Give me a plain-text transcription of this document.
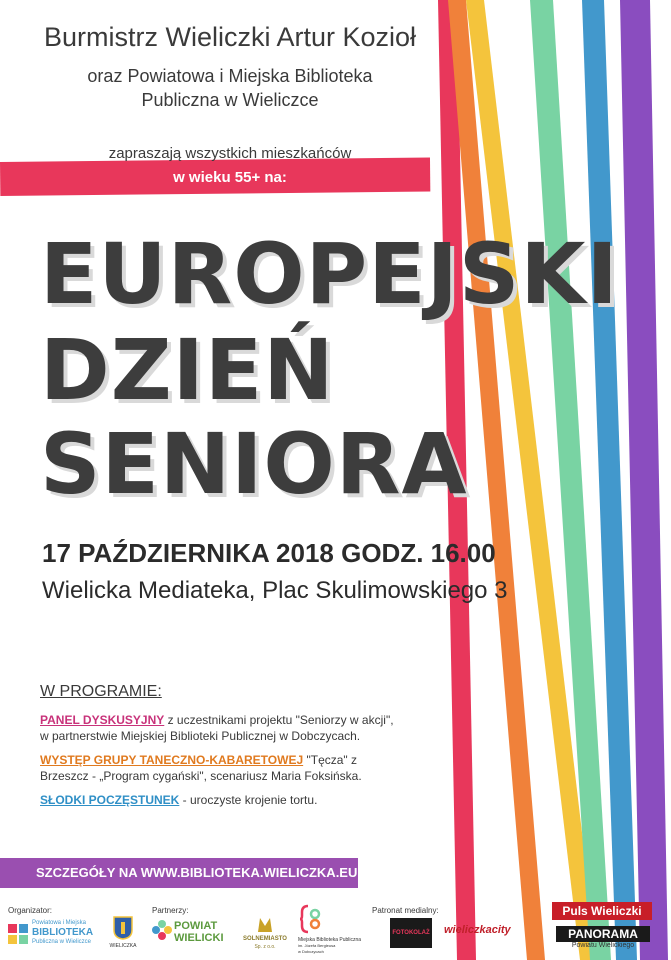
Burmistrz Wieliczki Artur Kozioł
oraz Powiatowa i Miejska Biblioteka
Publiczna w Wieliczce
zapraszają wszystkich mieszkańców
w wieku 55+ na:
EUROPEJSKI
DZIEŃ
SENIORA
17 PAŹDZIERNIKA 2018 GODZ. 16.00
Wielicka Mediateka, Plac Skulimowskiego 3
W PROGRAMIE:
PANEL DYSKUSYJNY z uczestnikami projektu "Seniorzy w akcji", w partnerstwie Miejskiej Biblioteki Publicznej w Dobczycach.
WYSTĘP GRUPY TANECZNO-KABARETOWEJ "Tęcza" z Brzeszcz - „Program cygański", scenariusz Maria Foksińska.
SŁODKI POCZĘSTUNEK - uroczyste krojenie tortu.
SZCZEGÓŁY NA WWW.BIBLIOTEKA.WIELICZKA.EU
Organizator:
Powiatowa i Miejska
BIBLIOTEKA
Publiczna w Wieliczce
WIELICZKA
Partnerzy:
POWIAT
WIELICKI	SOLNEMIASTO
Sp. z o.o.
Miejska Biblioteka Publiczna
im. Józefa Bergleusa
w Dobczycach
Patronat medialny:
FOTOKOLAŻ wieliczkacity
Puls Wieliczki
PANORAMA
Powiatu Wielickiego
